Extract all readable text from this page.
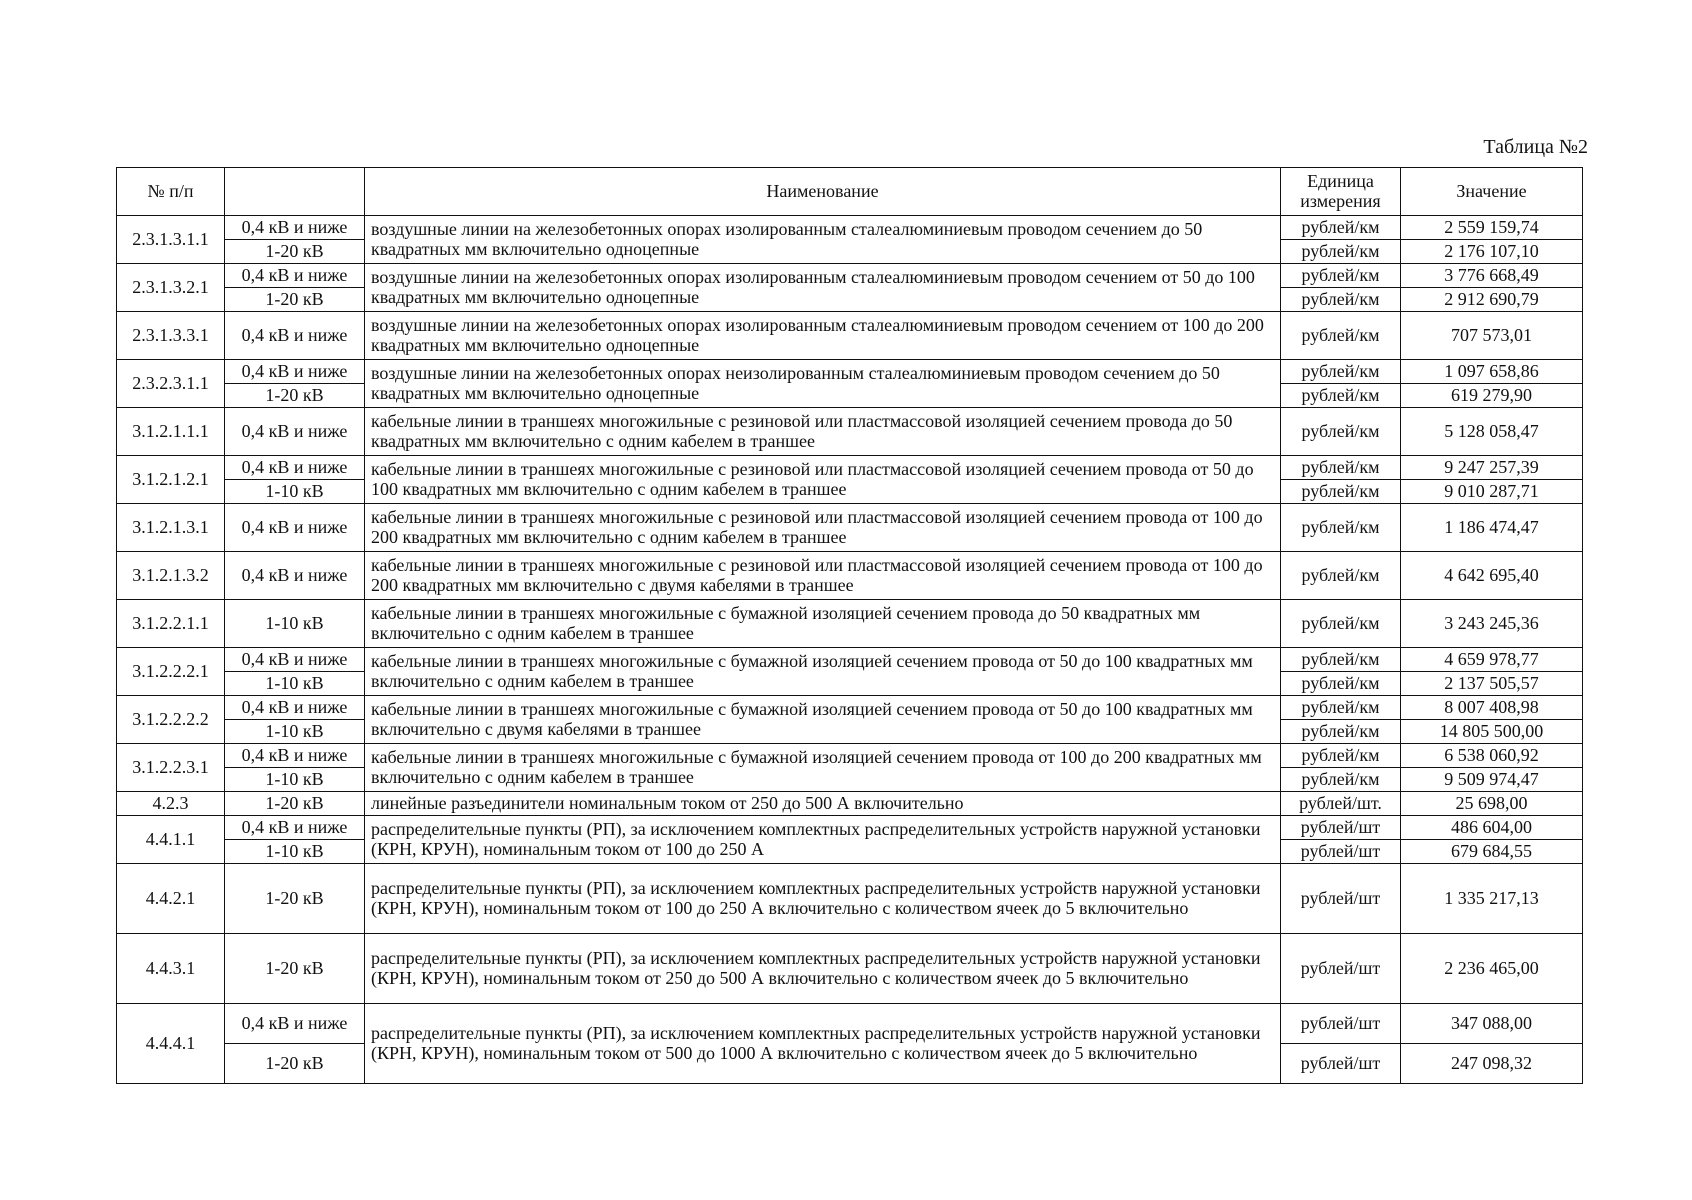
Таблица №2
№ п/п		Наименование	Единица измерения	Значение
2.3.1.3.1.1	0,4 кВ и ниже	воздушные линии на железобетонных опорах изолированным сталеалюминиевым проводом сечением до 50 квадратных мм включительно одноцепные	рублей/км	2 559 159,74
	1-20 кВ		рублей/км	2 176 107,10
2.3.1.3.2.1	0,4 кВ и ниже	воздушные линии на железобетонных опорах изолированным сталеалюминиевым проводом сечением от 50 до 100 квадратных мм включительно одноцепные	рублей/км	3 776 668,49
	1-20 кВ		рублей/км	2 912 690,79
2.3.1.3.3.1	0,4 кВ и ниже	воздушные линии на железобетонных опорах изолированным сталеалюминиевым проводом сечением от 100 до 200 квадратных мм включительно одноцепные	рублей/км	707 573,01
2.3.2.3.1.1	0,4 кВ и ниже	воздушные линии на железобетонных опорах неизолированным сталеалюминиевым проводом сечением до 50 квадратных мм включительно одноцепные	рублей/км	1 097 658,86
	1-20 кВ		рублей/км	619 279,90
3.1.2.1.1.1	0,4 кВ и ниже	кабельные линии в траншеях многожильные с резиновой или пластмассовой изоляцией сечением провода до 50 квадратных мм включительно с одним кабелем в траншее	рублей/км	5 128 058,47
3.1.2.1.2.1	0,4 кВ и ниже	кабельные линии в траншеях многожильные с резиновой или пластмассовой изоляцией сечением провода от 50 до 100 квадратных мм включительно с одним кабелем в траншее	рублей/км	9 247 257,39
	1-10 кВ		рублей/км	9 010 287,71
3.1.2.1.3.1	0,4 кВ и ниже	кабельные линии в траншеях многожильные с резиновой или пластмассовой изоляцией сечением провода от 100 до 200 квадратных мм включительно с одним кабелем в траншее	рублей/км	1 186 474,47
3.1.2.1.3.2	0,4 кВ и ниже	кабельные линии в траншеях многожильные с резиновой или пластмассовой изоляцией сечением провода от 100 до 200 квадратных мм включительно с двумя кабелями в траншее	рублей/км	4 642 695,40
3.1.2.2.1.1	1-10 кВ	кабельные линии в траншеях многожильные с бумажной изоляцией сечением провода до 50 квадратных мм включительно с одним кабелем в траншее	рублей/км	3 243 245,36
3.1.2.2.2.1	0,4 кВ и ниже	кабельные линии в траншеях многожильные с бумажной изоляцией сечением провода от 50 до 100 квадратных мм включительно с одним кабелем в траншее	рублей/км	4 659 978,77
	1-10 кВ		рублей/км	2 137 505,57
3.1.2.2.2.2	0,4 кВ и ниже	кабельные линии в траншеях многожильные с бумажной изоляцией сечением провода от 50 до 100 квадратных мм включительно с двумя кабелями в траншее	рублей/км	8 007 408,98
	1-10 кВ		рублей/км	14 805 500,00
3.1.2.2.3.1	0,4 кВ и ниже	кабельные линии в траншеях многожильные с бумажной изоляцией сечением провода от 100 до 200 квадратных мм включительно с одним кабелем в траншее	рублей/км	6 538 060,92
	1-10 кВ		рублей/км	9 509 974,47
4.2.3	1-20 кВ	линейные разъединители номинальным током от 250 до 500 А включительно	рублей/шт.	25 698,00
4.4.1.1	0,4 кВ и ниже	распределительные пункты (РП), за исключением комплектных распределительных устройств наружной установки (КРН, КРУН), номинальным током от 100 до 250 А	рублей/шт	486 604,00
	1-10 кВ		рублей/шт	679 684,55
4.4.2.1	1-20 кВ	распределительные пункты (РП), за исключением комплектных распределительных устройств наружной установки (КРН, КРУН), номинальным током от 100 до 250 А включительно с количеством ячеек до 5 включительно	рублей/шт	1 335 217,13
4.4.3.1	1-20 кВ	распределительные пункты (РП), за исключением комплектных распределительных устройств наружной установки (КРН, КРУН), номинальным током от 250 до 500 А включительно с количеством ячеек до 5 включительно	рублей/шт	2 236 465,00
4.4.4.1	0,4 кВ и ниже	распределительные пункты (РП), за исключением комплектных распределительных устройств наружной установки (КРН, КРУН), номинальным током от 500 до 1000 А включительно с количеством ячеек до 5 включительно	рублей/шт	347 088,00
	1-20 кВ		рублей/шт	247 098,32
